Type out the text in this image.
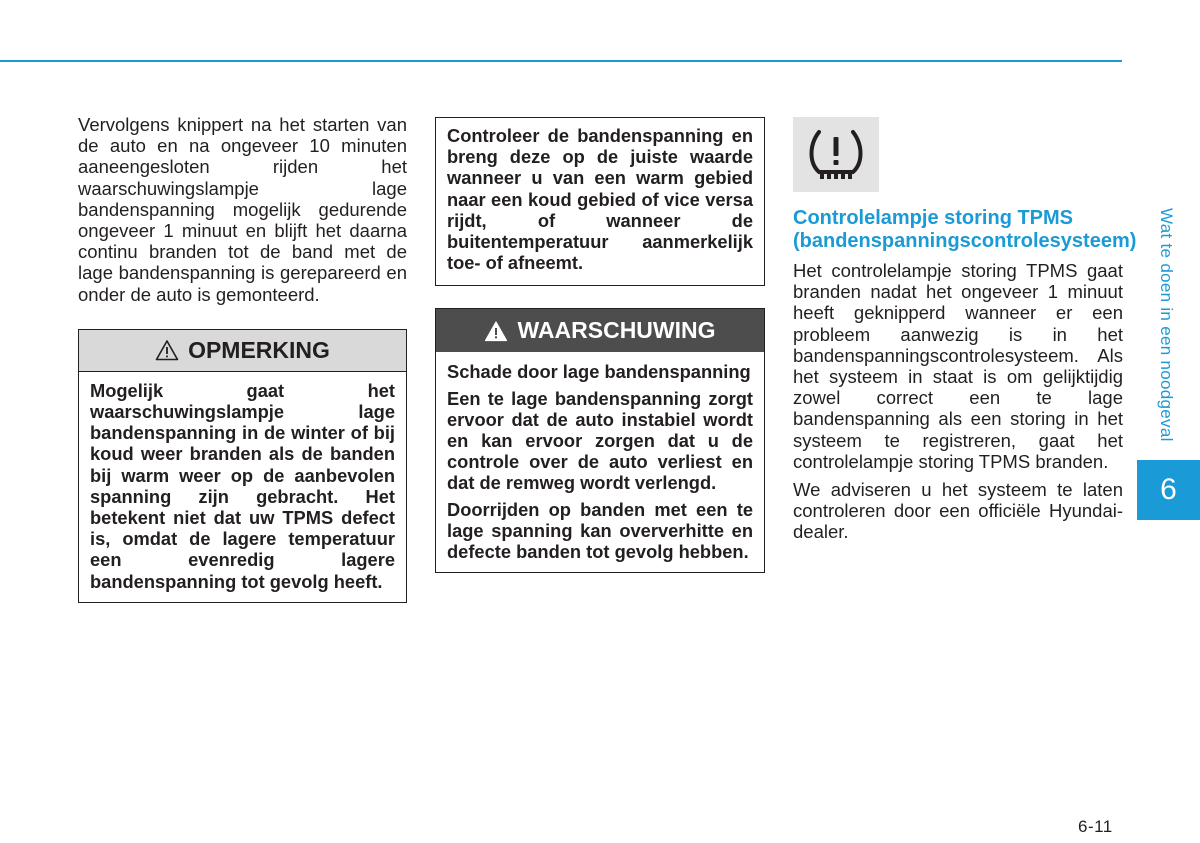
Wat te doen in een noodgeval
6

Vervolgens knippert na het starten van de auto en na ongeveer 10 minuten aaneengesloten rijden het waarschuwingslampje lage bandenspanning mogelijk gedurende ongeveer 1 minuut en blijft het daarna continu branden tot de band met de lage bandenspanning is gerepareerd en onder de auto is gemonteerd.

OPMERKING

Mogelijk gaat het waarschuwingslampje lage bandenspanning in de winter of bij koud weer branden als de banden bij warm weer op de aanbevolen spanning zijn gebracht. Het betekent niet dat uw TPMS defect is, omdat de lagere temperatuur een evenredig lagere bandenspanning tot gevolg heeft.

Controleer de bandenspanning en breng deze op de juiste waarde wanneer u van een warm gebied naar een koud gebied of vice versa rijdt, of wanneer de buitentemperatuur aanmerkelijk toe- of afneemt.

WAARSCHUWING

Schade door lage bandenspanning

Een te lage bandenspanning zorgt ervoor dat de auto instabiel wordt en kan ervoor zorgen dat u de controle over de auto verliest en dat de remweg wordt verlengd.

Doorrijden op banden met een te lage spanning kan oververhitte en defecte banden tot gevolg hebben.

Controlelampje storing TPMS (bandenspanningscontrolesysteem)

Het controlelampje storing TPMS gaat branden nadat het ongeveer 1 minuut heeft geknipperd wanneer er een probleem aanwezig is in het bandenspanningscontrolesysteem. Als het systeem in staat is om gelijktijdig zowel correct een te lage bandenspanning als een storing in het systeem te registreren, gaat het controlelampje storing TPMS branden.

We adviseren u het systeem te laten controleren door een officiële Hyundai-dealer.

6-11
